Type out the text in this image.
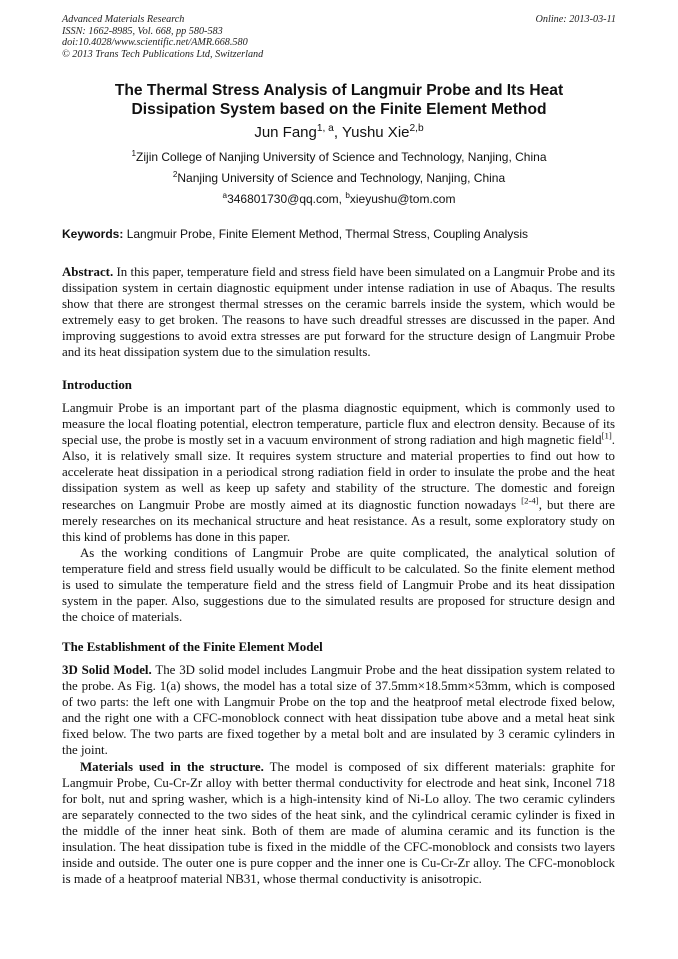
Advanced Materials Research
ISSN: 1662-8985, Vol. 668, pp 580-583
doi:10.4028/www.scientific.net/AMR.668.580
© 2013 Trans Tech Publications Ltd, Switzerland
Online: 2013-03-11
The Thermal Stress Analysis of Langmuir Probe and Its Heat
Dissipation System based on the Finite Element Method
Jun Fang$^{1, a}$, Yushu Xie$^{2,b}$
$^1$Zijin College of Nanjing University of Science and Technology, Nanjing, China
$^2$Nanjing University of Science and Technology, Nanjing, China
$^a$346801730@qq.com, $^b$xieyushu@tom.com
Keywords: Langmuir Probe, Finite Element Method, Thermal Stress, Coupling Analysis

Abstract. In this paper, temperature field and stress field have been simulated on a Langmuir Probe and its dissipation system in certain diagnostic equipment under intense radiation in use of Abaqus. The results show that there are strongest thermal stresses on the ceramic barrels inside the system, which would be extremely easy to get broken. The reasons to have such dreadful stresses are discussed in the paper. And improving suggestions to avoid extra stresses are put forward for the structure design of Langmuir Probe and its heat dissipation system due to the simulation results.

Introduction

Langmuir Probe is an important part of the plasma diagnostic equipment, which is commonly used to measure the local floating potential, electron temperature, particle flux and electron density. Because of its special use, the probe is mostly set in a vacuum environment of strong radiation and high magnetic field[1]. Also, it is relatively small size. It requires system structure and material properties to find out how to accelerate heat dissipation in a periodical strong radiation field in order to insulate the probe and the heat dissipation system as well as keep up safety and stability of the structure. The domestic and foreign researches on Langmuir Probe are mostly aimed at its diagnostic function nowadays [2-4], but there are merely researches on its mechanical structure and heat resistance. As a result, some exploratory study on this kind of problems has done in this paper.

As the working conditions of Langmuir Probe are quite complicated, the analytical solution of temperature field and stress field usually would be difficult to be calculated. So the finite element method is used to simulate the temperature field and the stress field of Langmuir Probe and its heat dissipation system in the paper. Also, suggestions due to the simulated results are proposed for structure design and the choice of materials.

The Establishment of the Finite Element Model

3D Solid Model. The 3D solid model includes Langmuir Probe and the heat dissipation system related to the probe. As Fig. 1(a) shows, the model has a total size of 37.5mm×18.5mm×53mm, which is composed of two parts: the left one with Langmuir Probe on the top and the heatproof metal electrode fixed below, and the right one with a CFC-monoblock connect with heat dissipation tube above and a metal heat sink fixed below. The two parts are fixed together by a metal bolt and are insulated by 3 ceramic cylinders in the joint.

Materials used in the structure. The model is composed of six different materials: graphite for Langmuir Probe, Cu-Cr-Zr alloy with better thermal conductivity for electrode and heat sink, Inconel 718 for bolt, nut and spring washer, which is a high-intensity kind of Ni-Lo alloy. The two ceramic cylinders are separately connected to the two sides of the heat sink, and the cylindrical ceramic cylinder is fixed in the middle of the inner heat sink. Both of them are made of alumina ceramic and its function is the insulation. The heat dissipation tube is fixed in the middle of the CFC-monoblock and consists two layers inside and outside. The outer one is pure copper and the inner one is Cu-Cr-Zr alloy. The CFC-monoblock is made of a heatproof material NB31, whose thermal conductivity is anisotropic.
